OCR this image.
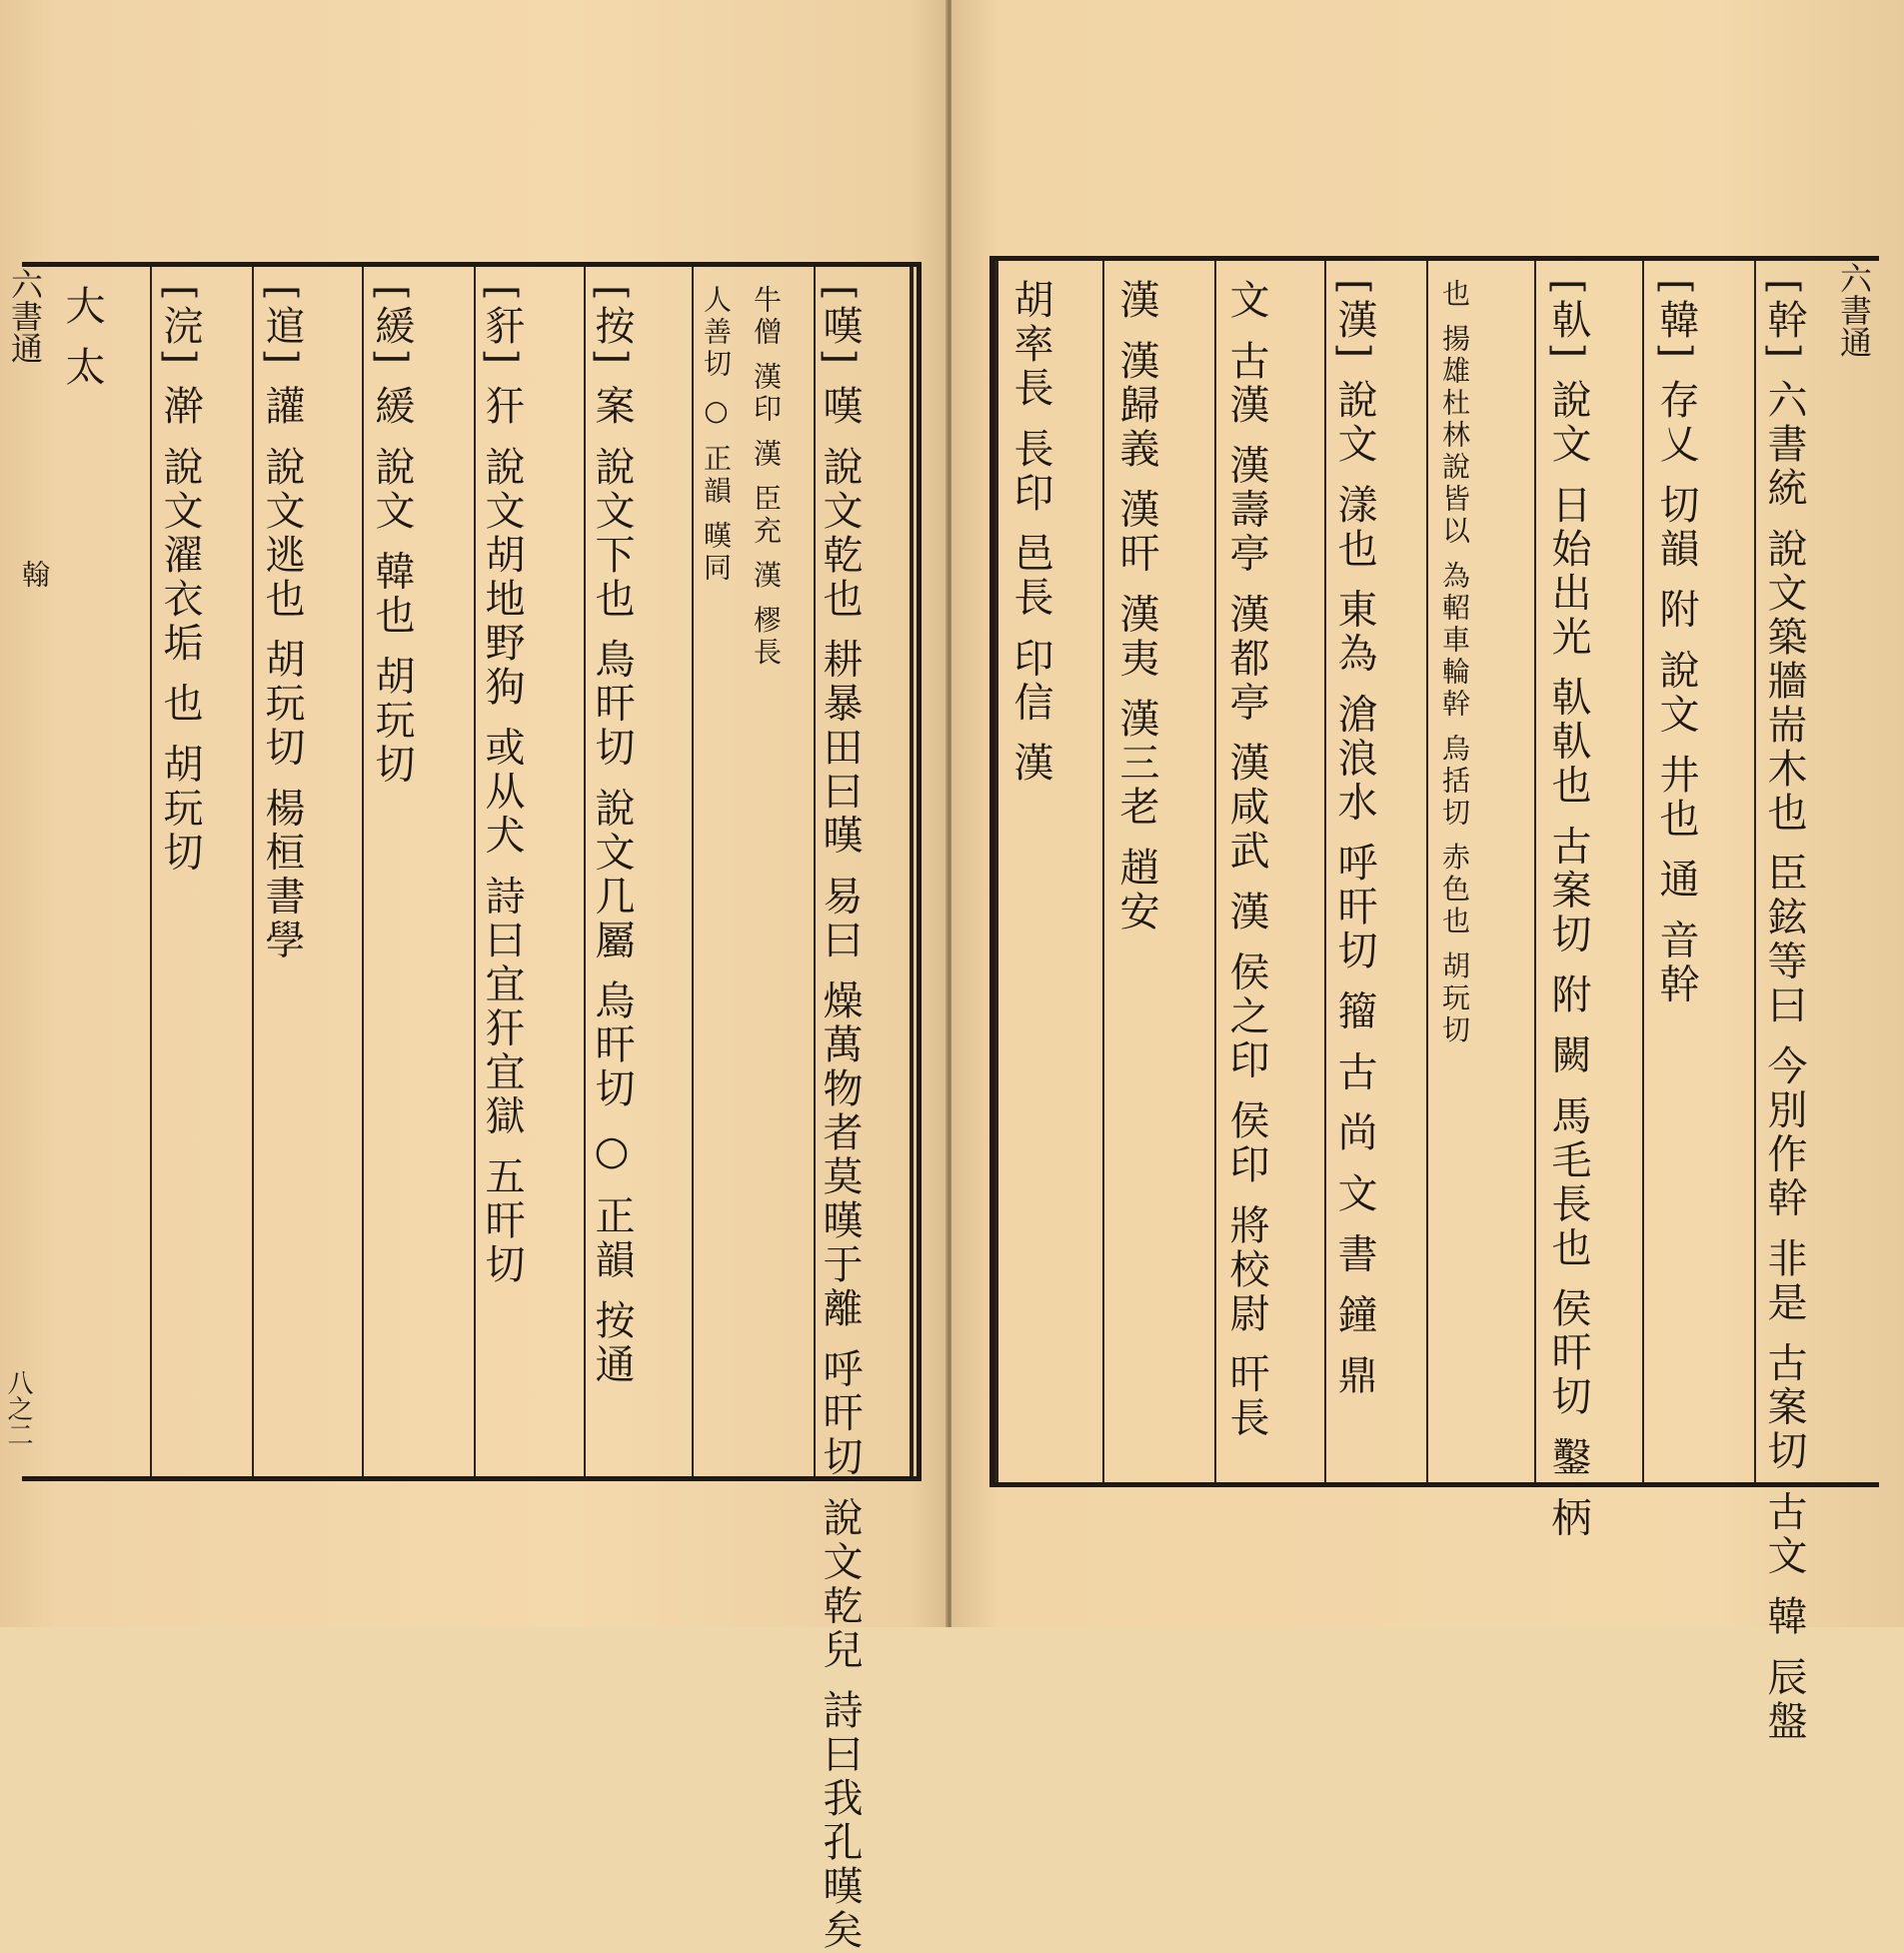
六書通
翰
八之二	[嘆] 嘆 說文乾也 耕暴田曰暵 易曰 燥萬物者莫暵于離 呼旰切 說文乾兒 詩曰我孔暵矣
牛僧 漢印 漢 臣充 漢 樛長
人善切 ○ 正韻 暵同
[按] 案 說文下也 鳥旰切 說文几屬 烏旰切 ○ 正韻 按通
[豻] 犴 說文胡地野狗 或从犬 詩曰宜犴宜獄 五旰切
[緩] 緩 說文 韓也 胡玩切
[逭] 讙 說文逃也 胡玩切 楊桓書學
[浣] 澣 說文濯衣垢 也 胡玩切
大 太	六書通
[幹] 六書統 說文築牆耑木也 臣鉉等曰 今別作幹 非是 古案切 古文 韓 辰盤
[韓] 存乂 切韻 附 說文 井也 通 音幹
[倝] 說文 日始出光 倝倝也 古案切 附 闕 馬毛長也 侯旰切 鑿 柄
也 揚雄杜林說皆以 為軺車輪幹 烏括切 赤色也 胡玩切
[漢] 說文 漾也 東為 滄浪水 呼旰切 籀 古 尚 文 書 鐘 鼎
文 古漢 漢壽亭 漢都亭 漢咸武 漢 侯之印 侯印 將校尉 旰長
漢 漢歸義 漢旰 漢夷 漢三老 趙安
胡率長 長印 邑長 印信 漢
